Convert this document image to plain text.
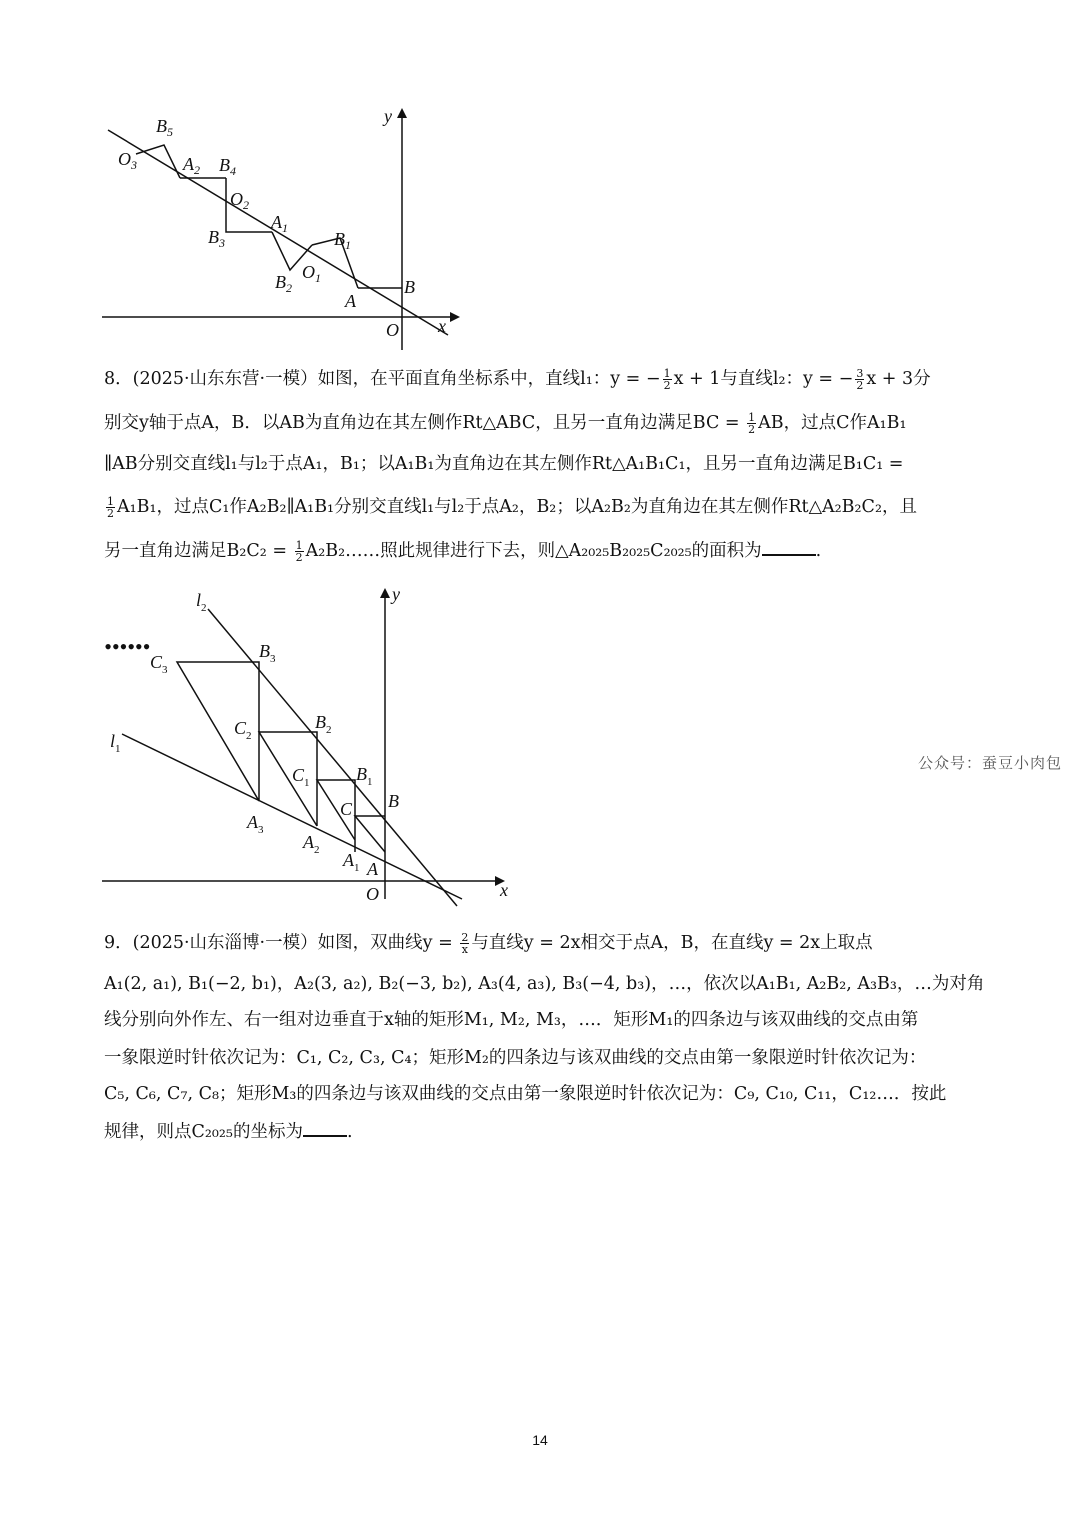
y
x
O
B
A
$B_1$
$O_1$
$B_2$
$A_1$
$B_3$
$O_2$
$B_4$
$A_2$
$B_5$
$O_3$
8．(2025·山东东营·一模）如图，在平面直角坐标系中，直线l₁：y = − $\frac{1}{2}$ x + 1与直线l₂：y = − $\frac{3}{2}$ x + 3分
别交y轴于点A，B．以AB为直角边在其左侧作Rt△ABC，且另一直角边满足BC = $\frac{1}{2}$ AB，过点C作A₁B₁
∥AB分别交直线l₁与l₂于点A₁，B₁；以A₁B₁为直角边在其左侧作Rt△A₁B₁C₁，且另一直角边满足B₁C₁ =
$\frac{1}{2} A_1B_1$，过点C₁作A₂B₂∥A₁B₁分别交直线l₁与l₂于点A₂，B₂；以A₂B₂为直角边在其左侧作Rt△A₂B₂C₂，且
另一直角边满足$B_2C_2 = \frac{1}{2}$ A₂B₂……照此规律进行下去，则△A₂₀₂₅B₂₀₂₅C₂₀₂₅的面积为	.
••••••
$l_2$
$l_1$
y
x
O
A
B
C
$A_1$
$B_1$
$C_1$
$A_2$
$B_2$
$C_2$
$A_3$
$B_3$
$C_3$
公众号：蚕豆小肉包
9．(2025·山东淄博·一模）如图，双曲线$y = \frac{2}{x}$ 与直线y = 2x相交于点A，B，在直线y = 2x上取点
A₁(2, a₁), B₁(−2, b₁)，A₂(3, a₂), B₂(−3, b₂), A₃(4, a₃), B₃(−4, b₃)，…，依次以A₁B₁, A₂B₂, A₃B₃，…为对角
线分别向外作左、右一组对边垂直于x轴的矩形M₁, M₂, M₃，…．矩形M₁的四条边与该双曲线的交点由第
一象限逆时针依次记为：C₁, C₂, C₃, C₄；矩形M₂的四条边与该双曲线的交点由第一象限逆时针依次记为：
C₅, C₆, C₇, C₈；矩形M₃的四条边与该双曲线的交点由第一象限逆时针依次记为：C₉, C₁₀, C₁₁，C₁₂…．按此
规律，则点C₂₀₂₅的坐标为	.
14
